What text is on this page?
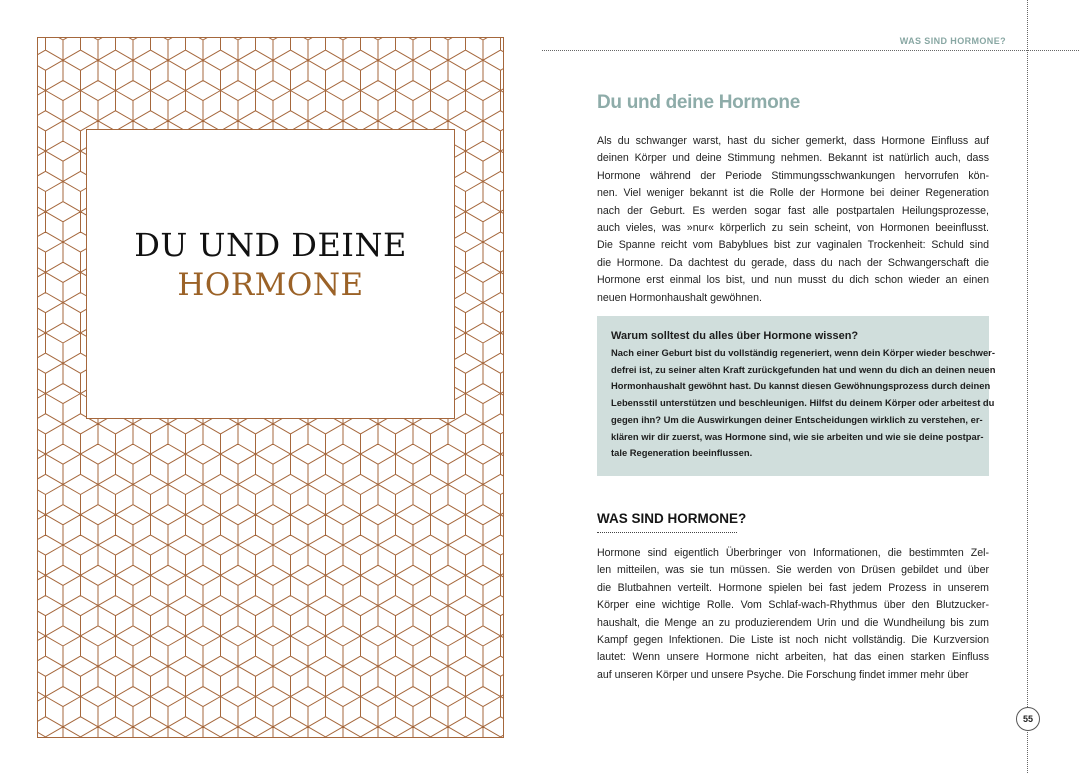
DU UND DEINE
HORMONE
WAS SIND HORMONE?
Du und deine Hormone
Als du schwanger warst, hast du sicher gemerkt, dass Hormone Einfluss auf
deinen Körper und deine Stimmung nehmen. Bekannt ist natürlich auch, dass
Hormone während der Periode Stimmungsschwankungen hervorrufen kön-
nen. Viel weniger bekannt ist die Rolle der Hormone bei deiner Regeneration
nach der Geburt. Es werden sogar fast alle postpartalen Heilungsprozesse,
auch vieles, was »nur« körperlich zu sein scheint, von Hormonen beeinflusst.
Die Spanne reicht vom Babyblues bist zur vaginalen Trockenheit: Schuld sind
die Hormone. Da dachtest du gerade, dass du nach der Schwangerschaft die
Hormone erst einmal los bist, und nun musst du dich schon wieder an einen
neuen Hormonhaushalt gewöhnen.
Warum solltest du alles über Hormone wissen?
Nach einer Geburt bist du vollständig regeneriert, wenn dein Körper wieder beschwer-
defrei ist, zu seiner alten Kraft zurückgefunden hat und wenn du dich an deinen neuen
Hormonhaushalt gewöhnt hast. Du kannst diesen Gewöhnungsprozess durch deinen
Lebensstil unterstützen und beschleunigen. Hilfst du deinem Körper oder arbeitest du
gegen ihn? Um die Auswirkungen deiner Entscheidungen wirklich zu verstehen, er-
klären wir dir zuerst, was Hormone sind, wie sie arbeiten und wie sie deine postpar-
tale Regeneration beeinflussen.
WAS SIND HORMONE?
Hormone sind eigentlich Überbringer von Informationen, die bestimmten Zel-
len mitteilen, was sie tun müssen. Sie werden von Drüsen gebildet und über
die Blutbahnen verteilt. Hormone spielen bei fast jedem Prozess in unserem
Körper eine wichtige Rolle. Vom Schlaf-wach-Rhythmus über den Blutzucker-
haushalt, die Menge an zu produzierendem Urin und die Wundheilung bis zum
Kampf gegen Infektionen. Die Liste ist noch nicht vollständig. Die Kurzversion
lautet: Wenn unsere Hormone nicht arbeiten, hat das einen starken Einfluss
auf unseren Körper und unsere Psyche. Die Forschung findet immer mehr über
55
